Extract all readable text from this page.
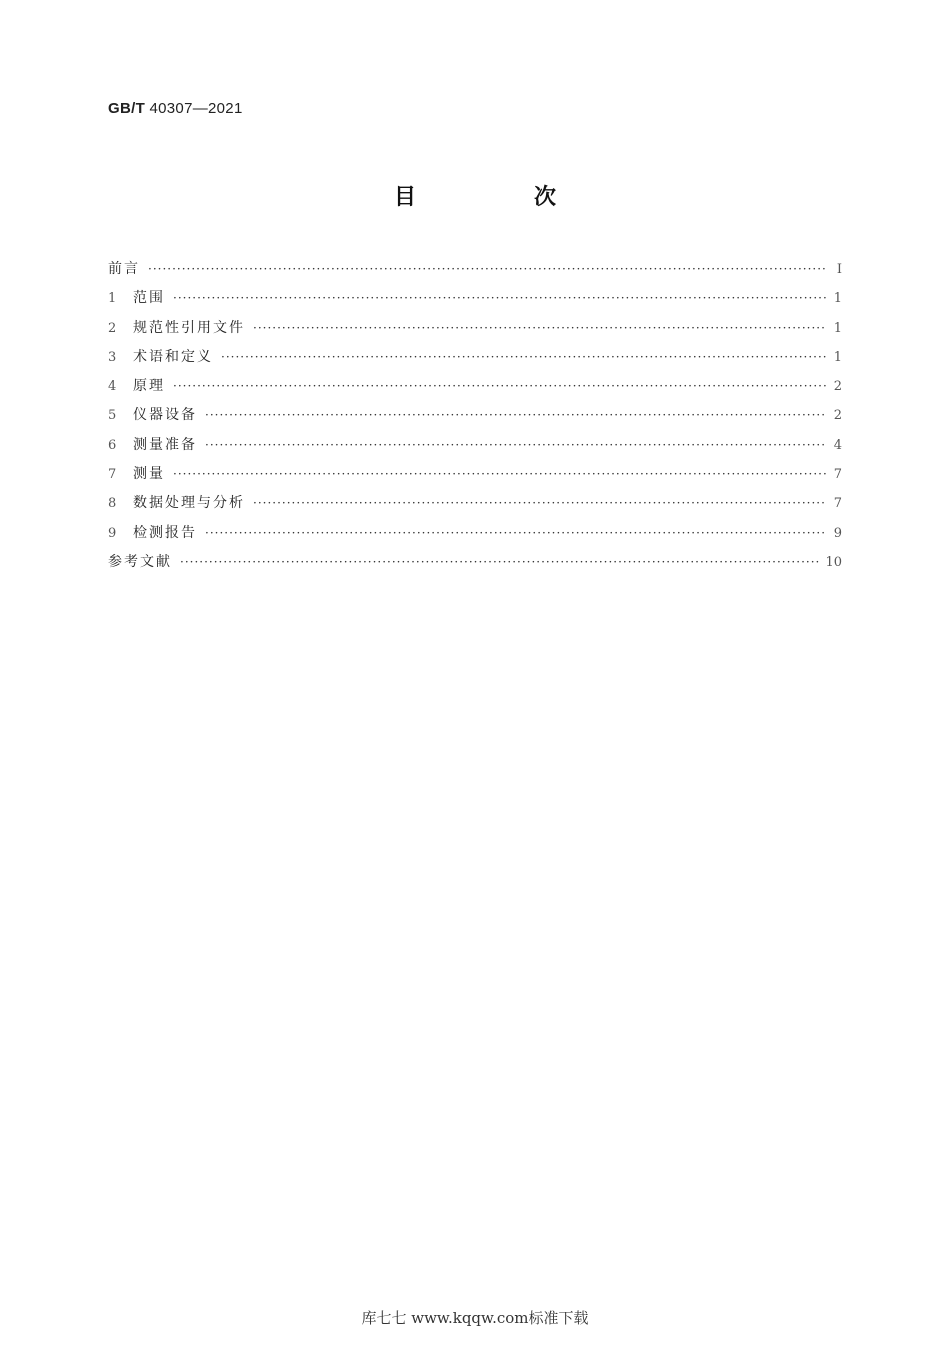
GB/T 40307—2021
目　次
前言 ·····	Ⅰ
1	范围 ·····	1
2	规范性引用文件 ·····	1
3	术语和定义 ·····	1
4	原理 ·····	2
5	仪器设备 ·····	2
6	测量准备 ·····	4
7	测量 ·····	7
8	数据处理与分析 ·····	7
9	检测报告 ·····	9
参考文献 ·····	10
库七七 www.kqqw.com标准下载
